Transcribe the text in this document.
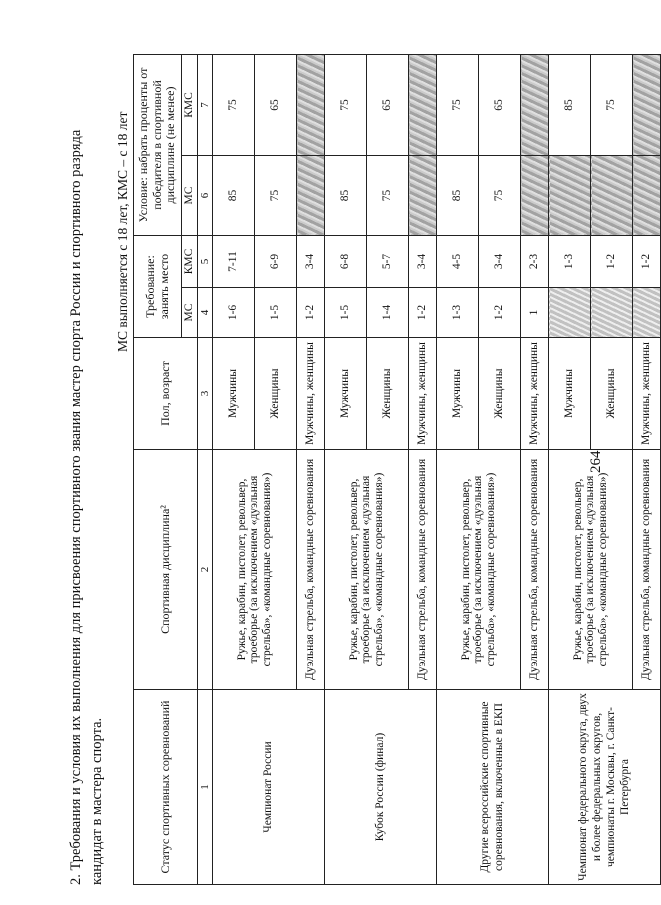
264
2. Требования и условия их выполнения для присвоения спортивного звания мастер спорта России и спортивного разряда кандидат в мастера спорта.
МС выполняется с 18 лет, КМС – с 18 лет
Статус спортивных соревнований	Спортивная дисциплина²	Пол, возраст	Требование: занять место		Условие: набрать проценты от победителя в спортивной дисциплине (не менее)	
			МС	КМС	МС	КМС
1	2	3	4	5	6	7
Чемпионат России	Ружье, карабин, пистолет, револьвер, троеборье (за исключением «дуэльная стрельба», «командные соревнования»)	Мужчины	1-6	7-11	85	75
		Женщины	1-5	6-9	75	65
	Дуэльная стрельба, командные соревнования	Мужчины, женщины	1-2	3-4		
Кубок России (финал)	Ружье, карабин, пистолет, револьвер, троеборье (за исключением «дуэльная стрельба», «командные соревнования»)	Мужчины	1-5	6-8	85	75
		Женщины	1-4	5-7	75	65
	Дуэльная стрельба, командные соревнования	Мужчины, женщины	1-2	3-4		
Другие всероссийские спортивные соревнования, включенные в ЕКП	Ружье, карабин, пистолет, револьвер, троеборье (за исключением «дуэльная стрельба», «командные соревнования»)	Мужчины	1-3	4-5	85	75
		Женщины	1-2	3-4	75	65
	Дуэльная стрельба, командные соревнования	Мужчины, женщины	1	2-3		
Чемпионат федерального округа, двух и более федеральных округов, чемпионаты г. Москвы, г. Санкт-Петербурга	Ружье, карабин, пистолет, револьвер, троеборье (за исключением «дуэльная стрельба», «командные соревнования»)	Мужчины		1-3		85
		Женщины		1-2		75
	Дуэльная стрельба, командные соревнования	Мужчины, женщины		1-2		
